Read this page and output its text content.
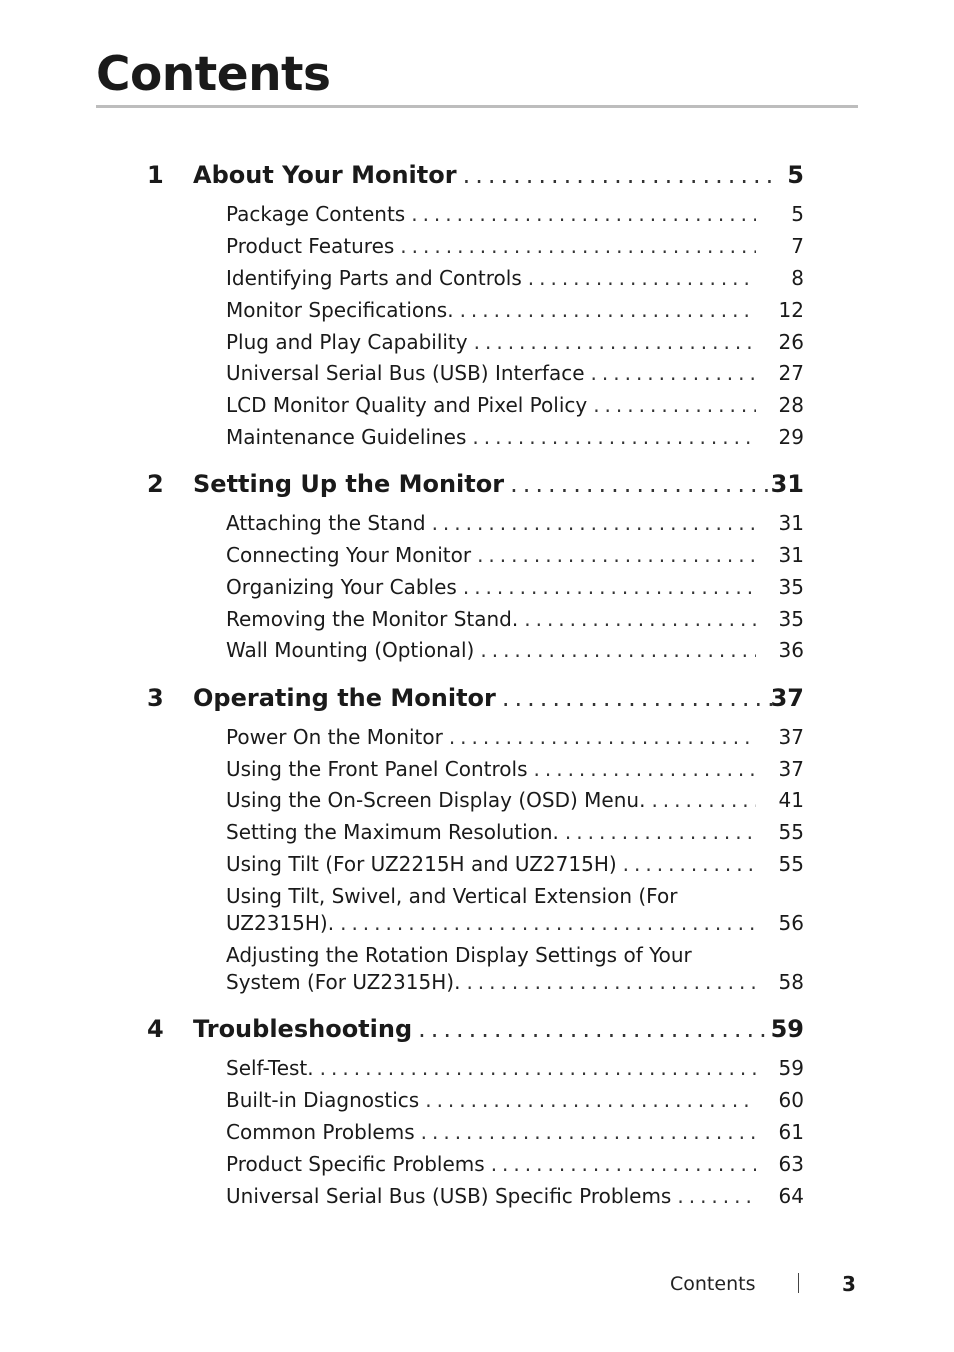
Contents
1 About Your Monitor .....	5
Package Contents .....	5
Product Features .....	7
Identifying Parts and Controls .....	8
Monitor Specifications. .....	12
Plug and Play Capability .....	26
Universal Serial Bus (USB) Interface .....	27
LCD Monitor Quality and Pixel Policy .....	28
Maintenance Guidelines .....	29
2 Setting Up the Monitor .....	31
Attaching the Stand .....	31
Connecting Your Monitor .....	31
Organizing Your Cables .....	35
Removing the Monitor Stand. .....	35
Wall Mounting (Optional) .....	36
3 Operating the Monitor .....	37
Power On the Monitor .....	37
Using the Front Panel Controls .....	37
Using the On-Screen Display (OSD) Menu. .....	41
Setting the Maximum Resolution. .....	55
Using Tilt (For UZ2215H and UZ2715H) .....	55
Using Tilt, Swivel, and Vertical Extension (For
UZ2315H). .....	56
Adjusting the Rotation Display Settings of Your
System (For UZ2315H). .....	58
4 Troubleshooting .....	59
Self-Test. .....	59
Built-in Diagnostics .....	60
Common Problems .....	61
Product Specific Problems .....	63
Universal Serial Bus (USB) Specific Problems .....	64
Contents	3
